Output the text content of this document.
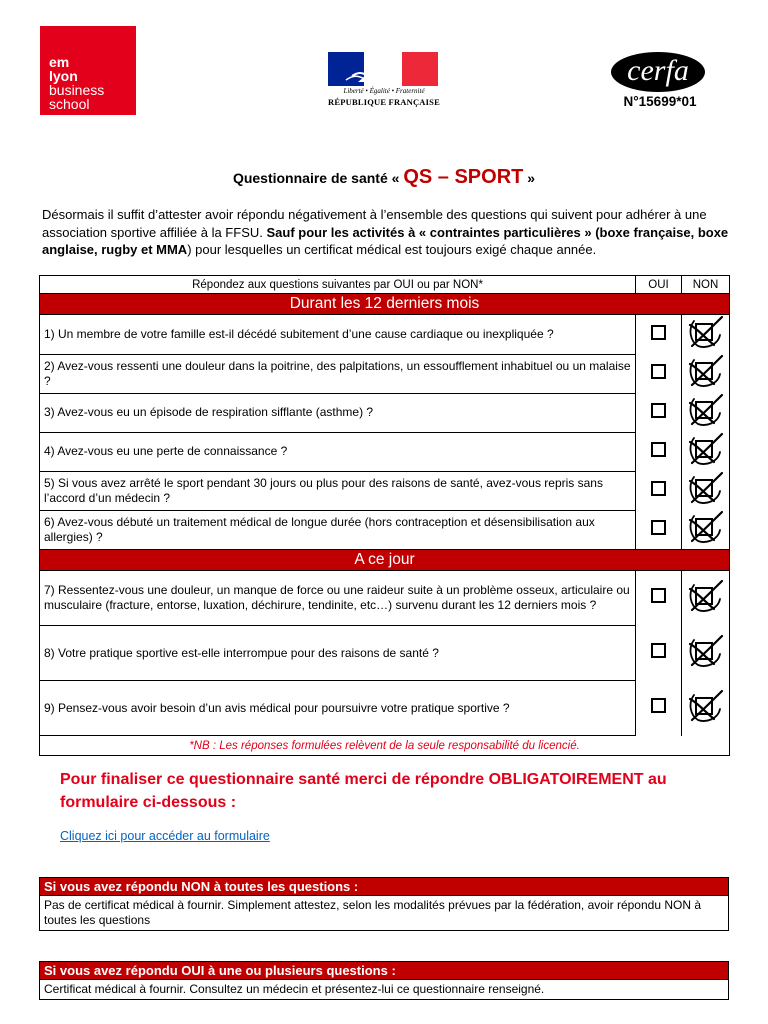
em
lyon
business
school
Liberté • Égalité • Fraternité
RÉPUBLIQUE FRANÇAISE
cerfa
N°15699*01
Questionnaire de santé « QS – SPORT »
Désormais il suffit d’attester avoir répondu négativement à l’ensemble des questions qui suivent pour adhérer à une association sportive affiliée à la FFSU. Sauf pour les activités à « contraintes particulières » (boxe française, boxe anglaise, rugby et MMA) pour lesquelles un certificat médical est toujours exigé chaque année.
Répondez aux questions suivantes par OUI ou par NON*	OUI	NON
Durant les 12 derniers mois		
1) Un membre de votre famille est-il décédé subitement d’une cause cardiaque ou inexpliquée ?		
2) Avez-vous ressenti une douleur dans la poitrine, des palpitations, un essoufflement inhabituel ou un malaise ?		
3) Avez-vous eu un épisode de respiration sifflante (asthme) ?		
4) Avez-vous eu une perte de connaissance ?		
5) Si vous avez arrêté le sport pendant 30 jours ou plus pour des raisons de santé, avez-vous repris sans l’accord d’un médecin ?		
6) Avez-vous débuté un traitement médical de longue durée (hors contraception et désensibilisation aux allergies) ?		
A ce jour		
7) Ressentez-vous une douleur, un manque de force ou une raideur suite à un problème osseux, articulaire ou musculaire (fracture, entorse, luxation, déchirure, tendinite, etc…) survenu durant les 12 derniers mois ?		
8) Votre pratique sportive est-elle interrompue pour des raisons de santé ?		
9) Pensez-vous avoir besoin d’un avis médical pour poursuivre votre pratique sportive ?		
*NB : Les réponses formulées relèvent de la seule responsabilité du licencié.		
Pour finaliser ce questionnaire santé merci de répondre OBLIGATOIREMENT au formulaire ci-dessous :
Cliquez ici pour accéder au formulaire
Si vous avez répondu NON à toutes les questions :
Pas de certificat médical à fournir. Simplement attestez, selon les modalités prévues par la fédération, avoir répondu NON à toutes les questions
Si vous avez répondu OUI à une ou plusieurs questions :
Certificat médical à fournir. Consultez un médecin et présentez-lui ce questionnaire renseigné.
